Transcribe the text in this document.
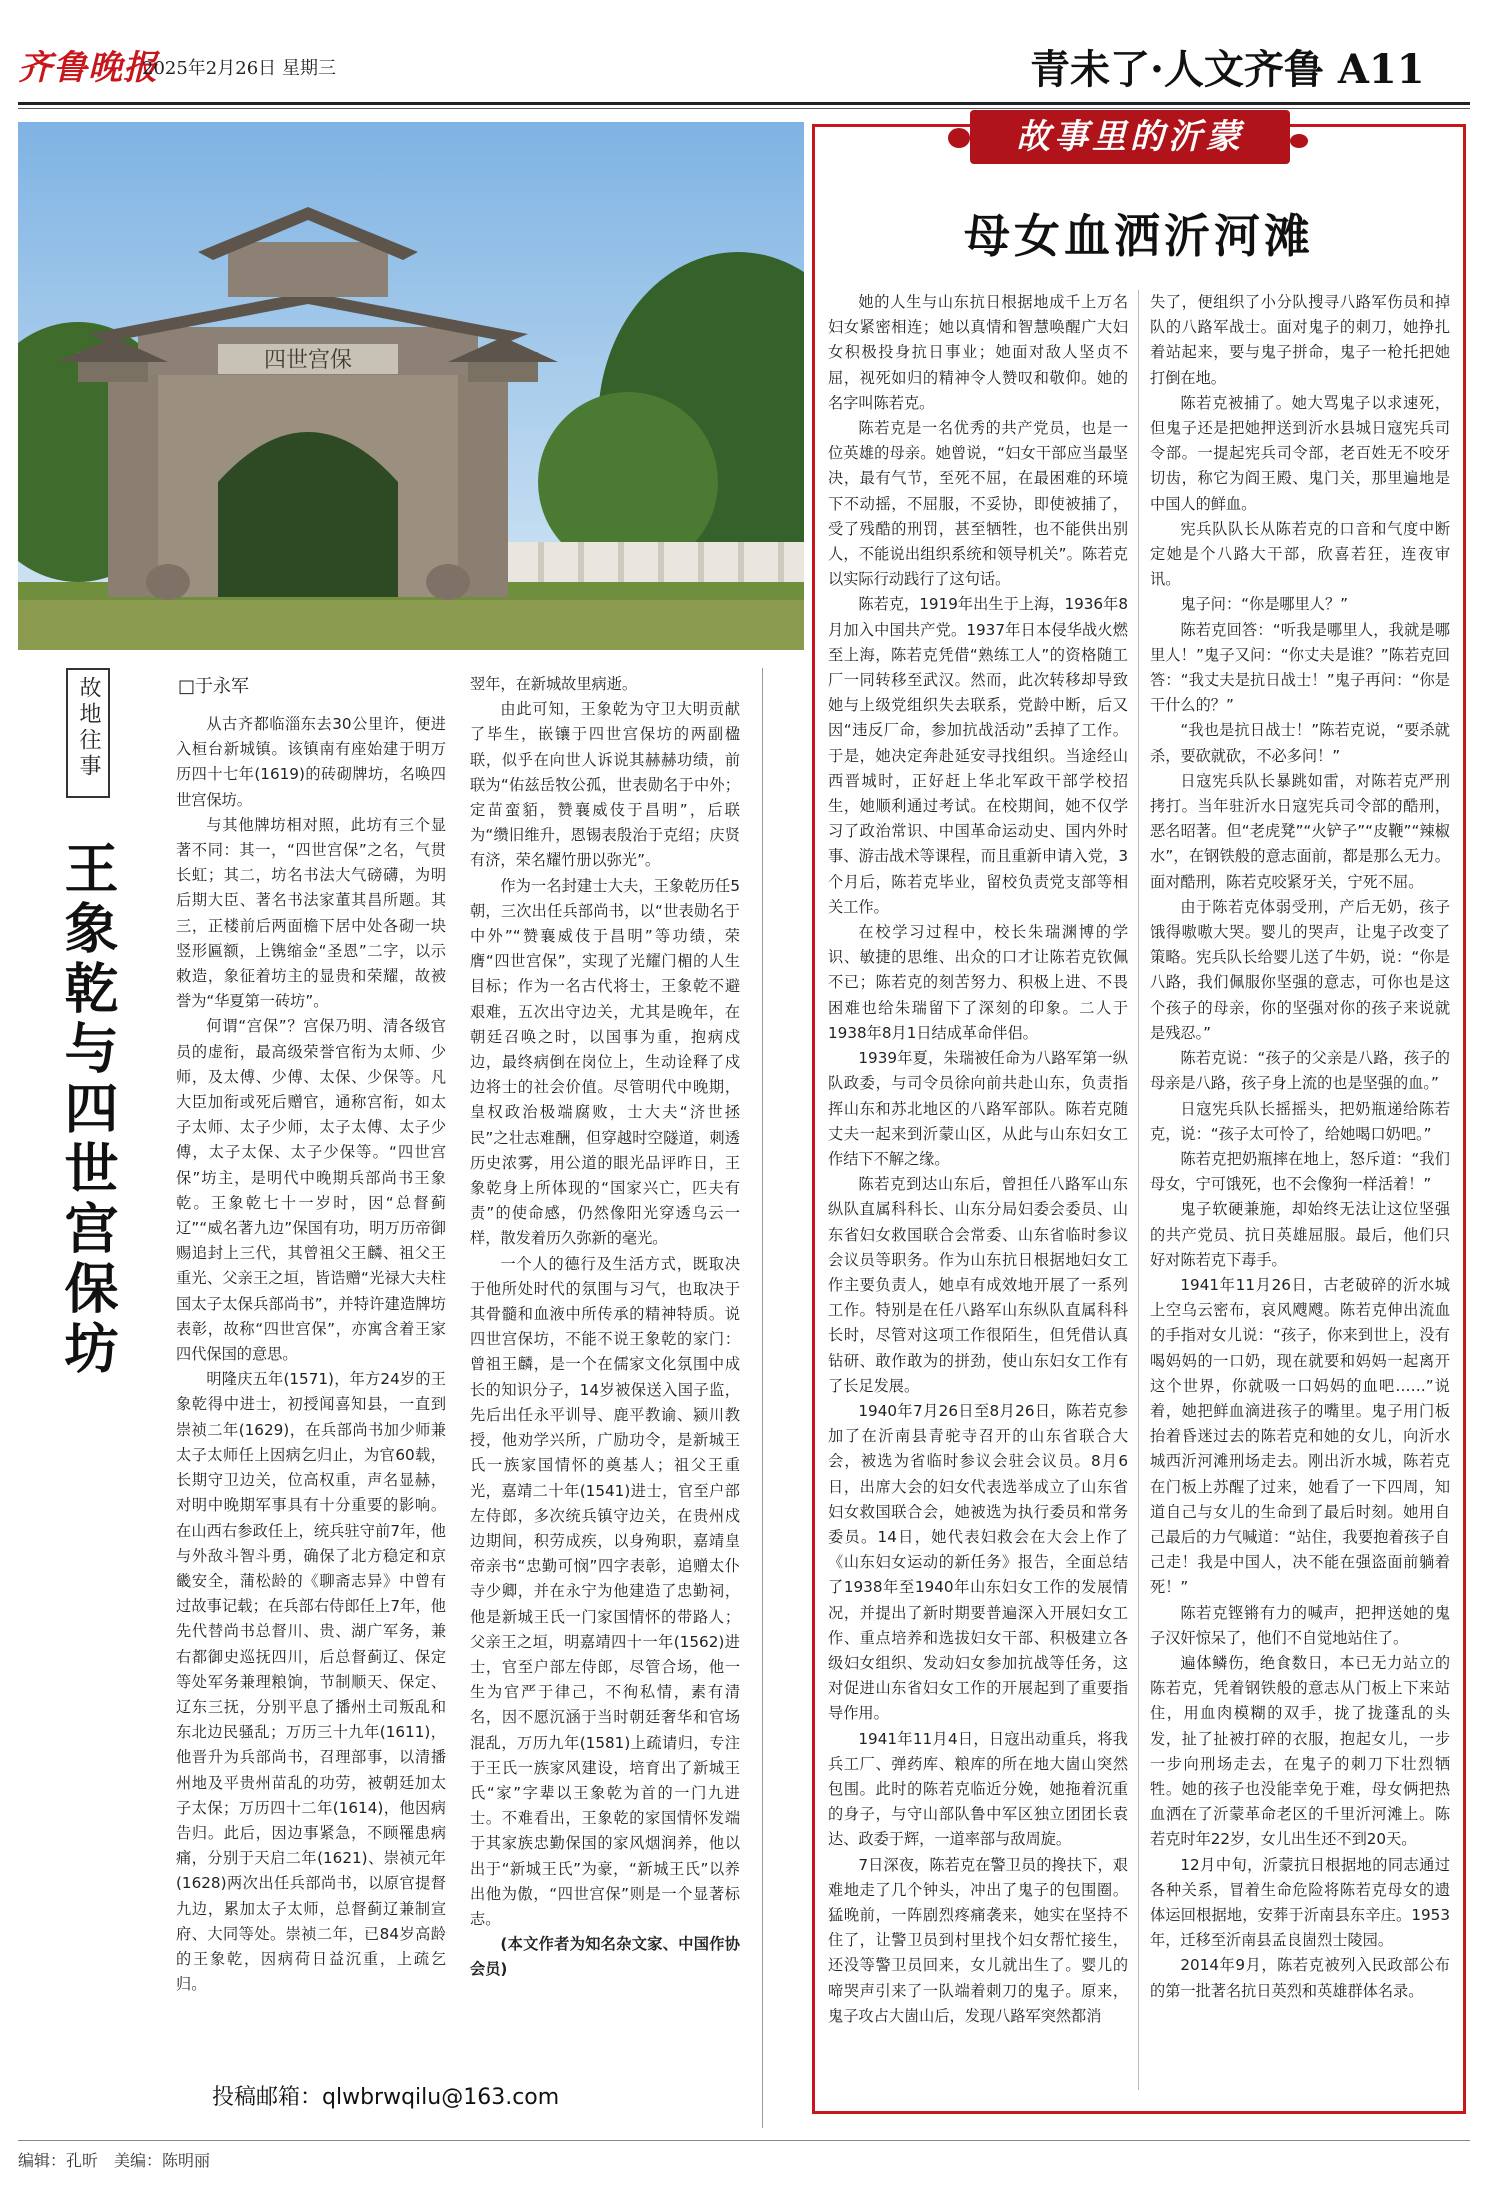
齐鲁晚报
2025年2月26日 星期三	青未了·人文齐鲁 A11
四世宫保
故地往事
王象乾与四世宫保坊
□于永军

从古齐都临淄东去30公里许，便进入桓台新城镇。该镇南有座始建于明万历四十七年(1619)的砖砌牌坊，名唤四世宫保坊。

与其他牌坊相对照，此坊有三个显著不同：其一，“四世宫保”之名，气贯长虹；其二，坊名书法大气磅礴，为明后期大臣、著名书法家董其昌所题。其三，正楼前后两面檐下居中处各砌一块竖形匾额，上镌缩金“圣恩”二字，以示敕造，象征着坊主的显贵和荣耀，故被誉为“华夏第一砖坊”。

何谓“宫保”？宫保乃明、清各级官员的虚衔，最高级荣誉官衔为太师、少师，及太傅、少傅、太保、少保等。凡大臣加衔或死后赠官，通称宫衔，如太子太师、太子少师，太子太傅、太子少傅，太子太保、太子少保等。“四世宫保”坊主，是明代中晚期兵部尚书王象乾。王象乾七十一岁时，因“总督蓟辽”“威名著九边”保国有功，明万历帝御赐追封上三代，其曾祖父王麟、祖父王重光、父亲王之垣，皆诰赠“光禄大夫柱国太子太保兵部尚书”，并特许建造牌坊表彰，故称“四世宫保”，亦寓含着王家四代保国的意思。

明隆庆五年(1571)，年方24岁的王象乾得中进士，初授闻喜知县，一直到崇祯二年(1629)，在兵部尚书加少师兼太子太师任上因病乞归止，为官60载，长期守卫边关，位高权重，声名显赫，对明中晚期军事具有十分重要的影响。在山西右参政任上，统兵驻守前7年，他与外敌斗智斗勇，确保了北方稳定和京畿安全，蒲松龄的《聊斋志异》中曾有过故事记载；在兵部右侍郎任上7年，他先代替尚书总督川、贵、湖广军务，兼右都御史巡抚四川，后总督蓟辽、保定等处军务兼理粮饷，节制顺天、保定、辽东三抚，分别平息了播州土司叛乱和东北边民骚乱；万历三十九年(1611)，他晋升为兵部尚书，召理部事，以清播州地及平贵州苗乱的功劳，被朝廷加太子太保；万历四十二年(1614)，他因病告归。此后，因边事紧急，不顾罹患病痛，分别于天启二年(1621)、崇祯元年(1628)两次出任兵部尚书，以原官提督九边，累加太子太师，总督蓟辽兼制宣府、大同等处。崇祯二年，已84岁高龄的王象乾，因病荷日益沉重，上疏乞归。

翌年，在新城故里病逝。

由此可知，王象乾为守卫大明贡献了毕生，嵌镶于四世宫保坊的两副楹联，似乎在向世人诉说其赫赫功绩，前联为“佑兹岳牧公孤，世表勋名于中外；定苗蛮貊，赞襄威伎于昌明”，后联为“缵旧维升，恩锡表殷治于克绍；庆贤有济，荣名耀竹册以弥光”。

作为一名封建士大夫，王象乾历任5朝，三次出任兵部尚书，以“世表勋名于中外”“赞襄威伎于昌明”等功绩，荣膺“四世宫保”，实现了光耀门楣的人生目标；作为一名古代将士，王象乾不避艰难，五次出守边关，尤其是晚年，在朝廷召唤之时，以国事为重，抱病戍边，最终病倒在岗位上，生动诠释了戍边将士的社会价值。尽管明代中晚期，皇权政治极端腐败，士大夫“济世拯民”之壮志难酬，但穿越时空隧道，刺透历史浓雾，用公道的眼光品评昨日，王象乾身上所体现的“国家兴亡，匹夫有责”的使命感，仍然像阳光穿透乌云一样，散发着历久弥新的毫光。

一个人的德行及生活方式，既取决于他所处时代的氛围与习气，也取决于其骨髓和血液中所传承的精神特质。说四世宫保坊，不能不说王象乾的家门：曾祖王麟，是一个在儒家文化氛围中成长的知识分子，14岁被保送入国子监，先后出任永平训导、鹿平教谕、颍川教授，他劝学兴所，广励功令，是新城王氏一族家国情怀的奠基人；祖父王重光，嘉靖二十年(1541)进士，官至户部左侍郎，多次统兵镇守边关，在贵州戍边期间，积劳成疾，以身殉职，嘉靖皇帝亲书“忠勤可悯”四字表彰，追赠太仆寺少卿，并在永宁为他建造了忠勤祠，他是新城王氏一门家国情怀的带路人；父亲王之垣，明嘉靖四十一年(1562)进士，官至户部左侍郎，尽管合场，他一生为官严于律己，不徇私情，素有清名，因不愿沉涵于当时朝廷奢华和官场混乱，万历九年(1581)上疏请归，专注于王氏一族家风建设，培育出了新城王氏“家”字辈以王象乾为首的一门九进士。不难看出，王象乾的家国情怀发端于其家族忠勤保国的家风烟润养，他以出于“新城王氏”为豪，“新城王氏”以养出他为傲，“四世宫保”则是一个显著标志。

(本文作者为知名杂文家、中国作协会员)

投稿邮箱：qlwbrwqilu@163.com
故事里的沂蒙
母女血洒沂河滩

她的人生与山东抗日根据地成千上万名妇女紧密相连；她以真情和智慧唤醒广大妇女积极投身抗日事业；她面对敌人坚贞不屈，视死如归的精神令人赞叹和敬仰。她的名字叫陈若克。

陈若克是一名优秀的共产党员，也是一位英雄的母亲。她曾说，“妇女干部应当最坚决，最有气节，至死不屈，在最困难的环境下不动摇，不屈服，不妥协，即使被捕了，受了残酷的刑罚，甚至牺牲，也不能供出别人，不能说出组织系统和领导机关”。陈若克以实际行动践行了这句话。

陈若克，1919年出生于上海，1936年8月加入中国共产党。1937年日本侵华战火燃至上海，陈若克凭借“熟练工人”的资格随工厂一同转移至武汉。然而，此次转移却导致她与上级党组织失去联系，党龄中断，后又因“违反厂命，参加抗战活动”丢掉了工作。于是，她决定奔赴延安寻找组织。当途经山西晋城时，正好赶上华北军政干部学校招生，她顺利通过考试。在校期间，她不仅学习了政治常识、中国革命运动史、国内外时事、游击战术等课程，而且重新申请入党，3个月后，陈若克毕业，留校负责党支部等相关工作。

在校学习过程中，校长朱瑞渊博的学识、敏捷的思维、出众的口才让陈若克钦佩不已；陈若克的刻苦努力、积极上进、不畏困难也给朱瑞留下了深刻的印象。二人于1938年8月1日结成革命伴侣。

1939年夏，朱瑞被任命为八路军第一纵队政委，与司令员徐向前共赴山东，负责指挥山东和苏北地区的八路军部队。陈若克随丈夫一起来到沂蒙山区，从此与山东妇女工作结下不解之缘。

陈若克到达山东后，曾担任八路军山东纵队直属科科长、山东分局妇委会委员、山东省妇女救国联合会常委、山东省临时参议会议员等职务。作为山东抗日根据地妇女工作主要负责人，她卓有成效地开展了一系列工作。特别是在任八路军山东纵队直属科科长时，尽管对这项工作很陌生，但凭借认真钻研、敢作敢为的拼劲，使山东妇女工作有了长足发展。

1940年7月26日至8月26日，陈若克参加了在沂南县青驼寺召开的山东省联合大会，被选为省临时参议会驻会议员。8月6日，出席大会的妇女代表选举成立了山东省妇女救国联合会，她被选为执行委员和常务委员。14日，她代表妇救会在大会上作了《山东妇女运动的新任务》报告，全面总结了1938年至1940年山东妇女工作的发展情况，并提出了新时期要普遍深入开展妇女工作、重点培养和选拔妇女干部、积极建立各级妇女组织、发动妇女参加抗战等任务，这对促进山东省妇女工作的开展起到了重要指导作用。

1941年11月4日，日寇出动重兵，将我兵工厂、弹药库、粮库的所在地大崮山突然包围。此时的陈若克临近分娩，她拖着沉重的身子，与守山部队鲁中军区独立团团长袁达、政委于辉，一道率部与敌周旋。

7日深夜，陈若克在警卫员的搀扶下，艰难地走了几个钟头，冲出了鬼子的包围圈。猛晚前，一阵剧烈疼痛袭来，她实在坚持不住了，让警卫员到村里找个妇女帮忙接生，还没等警卫员回来，女儿就出生了。婴儿的啼哭声引来了一队端着刺刀的鬼子。原来，鬼子攻占大崮山后，发现八路军突然都消

失了，便组织了小分队搜寻八路军伤员和掉队的八路军战士。面对鬼子的刺刀，她挣扎着站起来，要与鬼子拼命，鬼子一枪托把她打倒在地。

陈若克被捕了。她大骂鬼子以求速死，但鬼子还是把她押送到沂水县城日寇宪兵司令部。一提起宪兵司令部，老百姓无不咬牙切齿，称它为阎王殿、鬼门关，那里遍地是中国人的鲜血。

宪兵队队长从陈若克的口音和气度中断定她是个八路大干部，欣喜若狂，连夜审讯。

鬼子问：“你是哪里人？”

陈若克回答：“听我是哪里人，我就是哪里人！”鬼子又问：“你丈夫是谁？”陈若克回答：“我丈夫是抗日战士！”鬼子再问：“你是干什么的？”

“我也是抗日战士！”陈若克说，“要杀就杀，要砍就砍，不必多问！”

日寇宪兵队长暴跳如雷，对陈若克严刑拷打。当年驻沂水日寇宪兵司令部的酷刑，恶名昭著。但“老虎凳”“火铲子”“皮鞭”“辣椒水”，在钢铁般的意志面前，都是那么无力。面对酷刑，陈若克咬紧牙关，宁死不屈。

由于陈若克体弱受刑，产后无奶，孩子饿得嗷嗷大哭。婴儿的哭声，让鬼子改变了策略。宪兵队长给婴儿送了牛奶，说：“你是八路，我们佩服你坚强的意志，可你也是这个孩子的母亲，你的坚强对你的孩子来说就是残忍。”

陈若克说：“孩子的父亲是八路，孩子的母亲是八路，孩子身上流的也是坚强的血。”

日寇宪兵队长摇摇头，把奶瓶递给陈若克，说：“孩子太可怜了，给她喝口奶吧。”

陈若克把奶瓶摔在地上，怒斥道：“我们母女，宁可饿死，也不会像狗一样活着！”

鬼子软硬兼施，却始终无法让这位坚强的共产党员、抗日英雄屈服。最后，他们只好对陈若克下毒手。

1941年11月26日，古老破碎的沂水城上空乌云密布，哀风飕飕。陈若克伸出流血的手指对女儿说：“孩子，你来到世上，没有喝妈妈的一口奶，现在就要和妈妈一起离开这个世界，你就吸一口妈妈的血吧……”说着，她把鲜血滴进孩子的嘴里。鬼子用门板抬着昏迷过去的陈若克和她的女儿，向沂水城西沂河滩刑场走去。刚出沂水城，陈若克在门板上苏醒了过来，她看了一下四周，知道自己与女儿的生命到了最后时刻。她用自己最后的力气喊道：“站住，我要抱着孩子自己走！我是中国人，决不能在强盗面前躺着死！”

陈若克铿锵有力的喊声，把押送她的鬼子汉奸惊呆了，他们不自觉地站住了。

遍体鳞伤，绝食数日，本已无力站立的陈若克，凭着钢铁般的意志从门板上下来站住，用血肉模糊的双手，拢了拢蓬乱的头发，扯了扯被打碎的衣服，抱起女儿，一步一步向刑场走去，在鬼子的刺刀下壮烈牺牲。她的孩子也没能幸免于难，母女俩把热血洒在了沂蒙革命老区的千里沂河滩上。陈若克时年22岁，女儿出生还不到20天。

12月中旬，沂蒙抗日根据地的同志通过各种关系，冒着生命危险将陈若克母女的遗体运回根据地，安葬于沂南县东辛庄。1953年，迁移至沂南县孟良崮烈士陵园。

2014年9月，陈若克被列入民政部公布的第一批著名抗日英烈和英雄群体名录。

编辑：孔昕　美编：陈明丽
